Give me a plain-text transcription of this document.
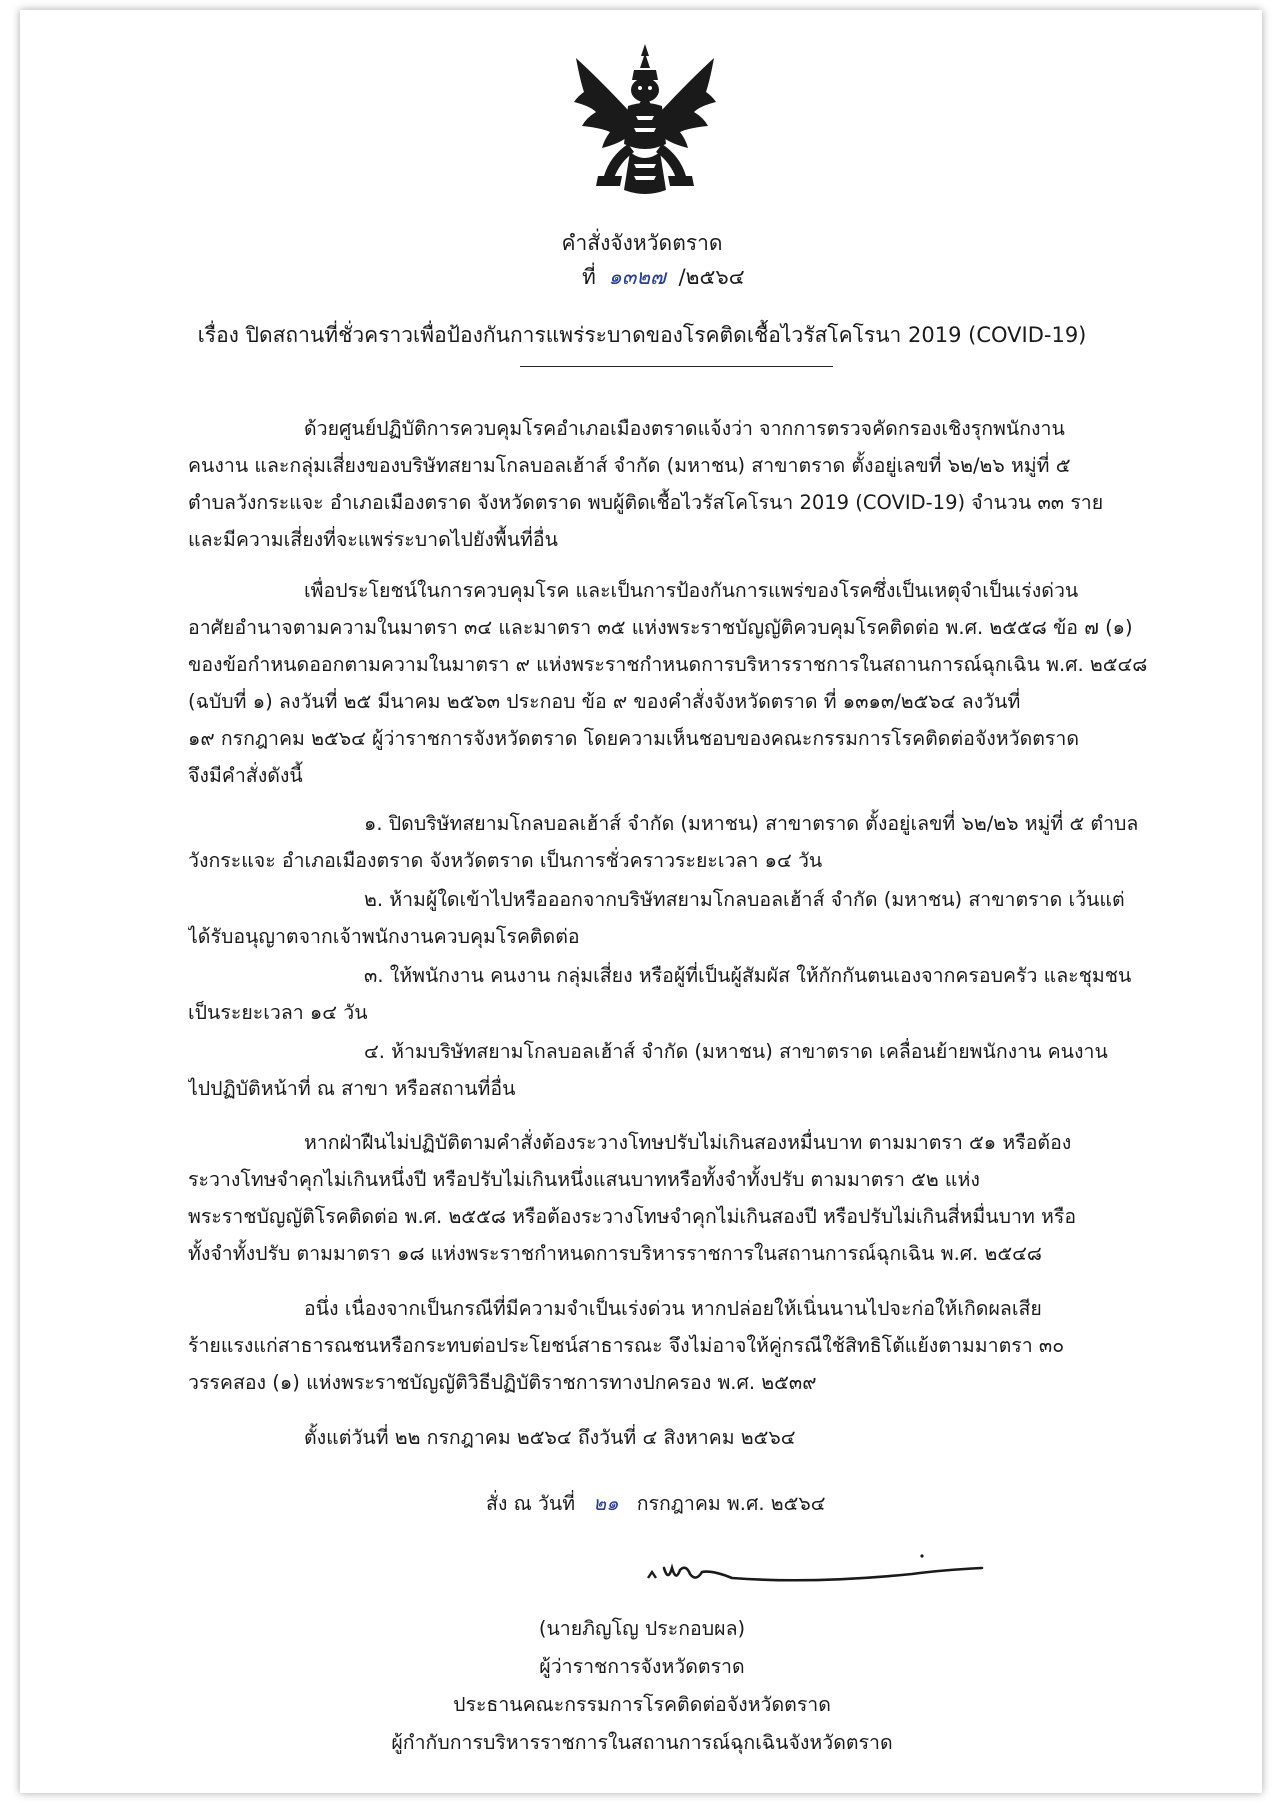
คำสั่งจังหวัดตราด
ที่ ๑๓๒๗ /๒๕๖๔
เรื่อง ปิดสถานที่ชั่วคราวเพื่อป้องกันการแพร่ระบาดของโรคติดเชื้อไวรัสโคโรนา 2019 (COVID-19)
ด้วยศูนย์ปฏิบัติการควบคุมโรคอำเภอเมืองตราดแจ้งว่า จากการตรวจคัดกรองเชิงรุกพนักงาน
คนงาน และกลุ่มเสี่ยงของบริษัทสยามโกลบอลเฮ้าส์ จำกัด (มหาชน) สาขาตราด ตั้งอยู่เลขที่ ๖๒/๒๖ หมู่ที่ ๕
ตำบลวังกระแจะ อำเภอเมืองตราด จังหวัดตราด พบผู้ติดเชื้อไวรัสโคโรนา 2019 (COVID-19) จำนวน ๓๓ ราย
และมีความเสี่ยงที่จะแพร่ระบาดไปยังพื้นที่อื่น
เพื่อประโยชน์ในการควบคุมโรค และเป็นการป้องกันการแพร่ของโรคซึ่งเป็นเหตุจำเป็นเร่งด่วน
อาศัยอำนาจตามความในมาตรา ๓๔ และมาตรา ๓๕ แห่งพระราชบัญญัติควบคุมโรคติดต่อ พ.ศ. ๒๕๕๘ ข้อ ๗ (๑)
ของข้อกำหนดออกตามความในมาตรา ๙ แห่งพระราชกำหนดการบริหารราชการในสถานการณ์ฉุกเฉิน พ.ศ. ๒๕๔๘
(ฉบับที่ ๑) ลงวันที่ ๒๕ มีนาคม ๒๕๖๓ ประกอบ ข้อ ๙ ของคำสั่งจังหวัดตราด ที่ ๑๓๑๓/๒๕๖๔ ลงวันที่
๑๙ กรกฎาคม ๒๕๖๔ ผู้ว่าราชการจังหวัดตราด โดยความเห็นชอบของคณะกรรมการโรคติดต่อจังหวัดตราด
จึงมีคำสั่งดังนี้
๑. ปิดบริษัทสยามโกลบอลเฮ้าส์ จำกัด (มหาชน) สาขาตราด ตั้งอยู่เลขที่ ๖๒/๒๖ หมู่ที่ ๕ ตำบล
วังกระแจะ อำเภอเมืองตราด จังหวัดตราด เป็นการชั่วคราวระยะเวลา ๑๔ วัน
๒. ห้ามผู้ใดเข้าไปหรือออกจากบริษัทสยามโกลบอลเฮ้าส์ จำกัด (มหาชน) สาขาตราด เว้นแต่
ได้รับอนุญาตจากเจ้าพนักงานควบคุมโรคติดต่อ
๓. ให้พนักงาน คนงาน กลุ่มเสี่ยง หรือผู้ที่เป็นผู้สัมผัส ให้กักกันตนเองจากครอบครัว และชุมชน
เป็นระยะเวลา ๑๔ วัน
๔. ห้ามบริษัทสยามโกลบอลเฮ้าส์ จำกัด (มหาชน) สาขาตราด เคลื่อนย้ายพนักงาน คนงาน
ไปปฏิบัติหน้าที่ ณ สาขา หรือสถานที่อื่น
หากฝ่าฝืนไม่ปฏิบัติตามคำสั่งต้องระวางโทษปรับไม่เกินสองหมื่นบาท ตามมาตรา ๕๑ หรือต้อง
ระวางโทษจำคุกไม่เกินหนึ่งปี หรือปรับไม่เกินหนึ่งแสนบาทหรือทั้งจำทั้งปรับ ตามมาตรา ๕๒ แห่ง
พระราชบัญญัติโรคติดต่อ พ.ศ. ๒๕๕๘ หรือต้องระวางโทษจำคุกไม่เกินสองปี หรือปรับไม่เกินสี่หมื่นบาท หรือ
ทั้งจำทั้งปรับ ตามมาตรา ๑๘ แห่งพระราชกำหนดการบริหารราชการในสถานการณ์ฉุกเฉิน พ.ศ. ๒๕๔๘
อนึ่ง เนื่องจากเป็นกรณีที่มีความจำเป็นเร่งด่วน หากปล่อยให้เนิ่นนานไปจะก่อให้เกิดผลเสีย
ร้ายแรงแก่สาธารณชนหรือกระทบต่อประโยชน์สาธารณะ จึงไม่อาจให้คู่กรณีใช้สิทธิโต้แย้งตามมาตรา ๓๐
วรรคสอง (๑) แห่งพระราชบัญญัติวิธีปฏิบัติราชการทางปกครอง พ.ศ. ๒๕๓๙
ตั้งแต่วันที่ ๒๒ กรกฎาคม ๒๕๖๔ ถึงวันที่ ๔ สิงหาคม ๒๕๖๔
สั่ง ณ วันที่ ๒๑ กรกฎาคม พ.ศ. ๒๕๖๔
(นายภิญโญ ประกอบผล)
ผู้ว่าราชการจังหวัดตราด
ประธานคณะกรรมการโรคติดต่อจังหวัดตราด
ผู้กำกับการบริหารราชการในสถานการณ์ฉุกเฉินจังหวัดตราด
